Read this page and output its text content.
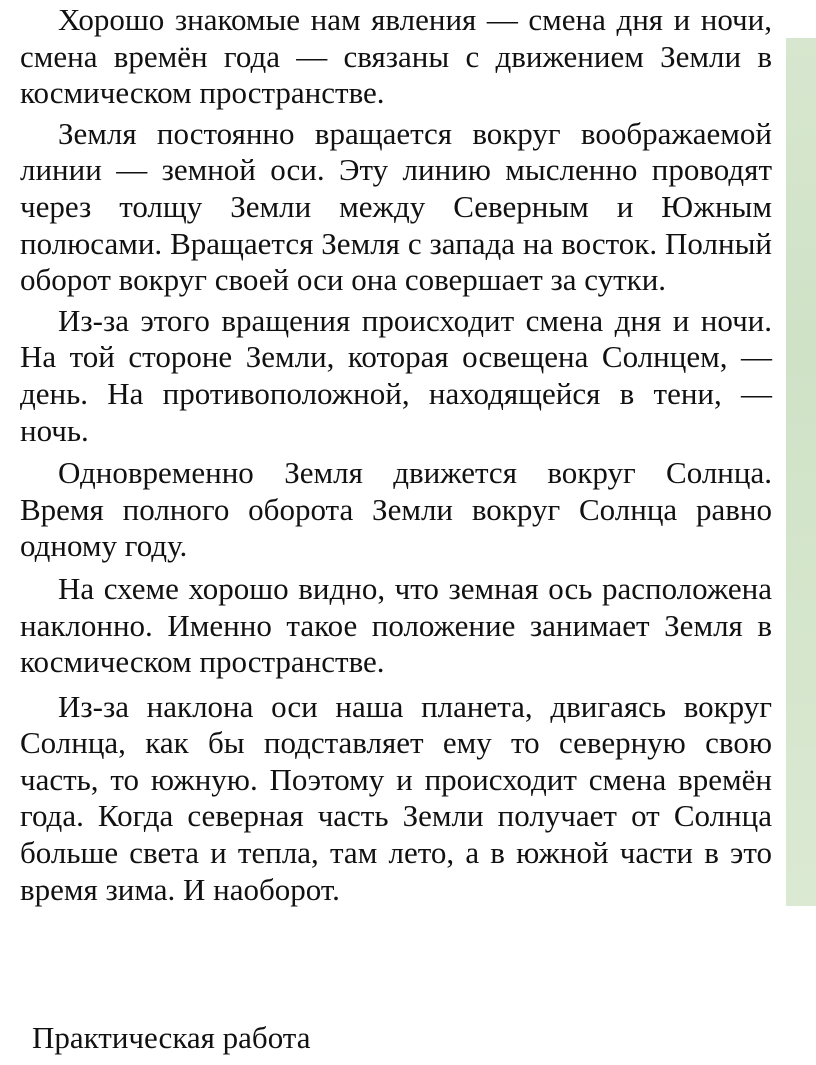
Хорошо знакомые нам явления — смена дня и ночи, смена времён года — связаны с движением Земли в космическом пространстве.

Земля постоянно вращается вокруг воображаемой линии — земной оси. Эту линию мысленно проводят через толщу Земли между Северным и Южным полюсами. Вращается Земля с запада на восток. Полный оборот вокруг своей оси она совершает за сутки.

Из-за этого вращения происходит смена дня и ночи. На той стороне Земли, которая освещена Солнцем, — день. На противоположной, находящейся в тени, — ночь.

Одновременно Земля движется вокруг Солнца. Время полного оборота Земли вокруг Солнца равно одному году.

На схеме хорошо видно, что земная ось расположена наклонно. Именно такое положение занимает Земля в космическом пространстве.

Из-за наклона оси наша планета, двигаясь вокруг Солнца, как бы подставляет ему то северную свою часть, то южную. Поэтому и происходит смена времён года. Когда северная часть Земли получает от Солнца больше света и тепла, там лето, а в южной части в это время зима. И наоборот.

Практическая работа
